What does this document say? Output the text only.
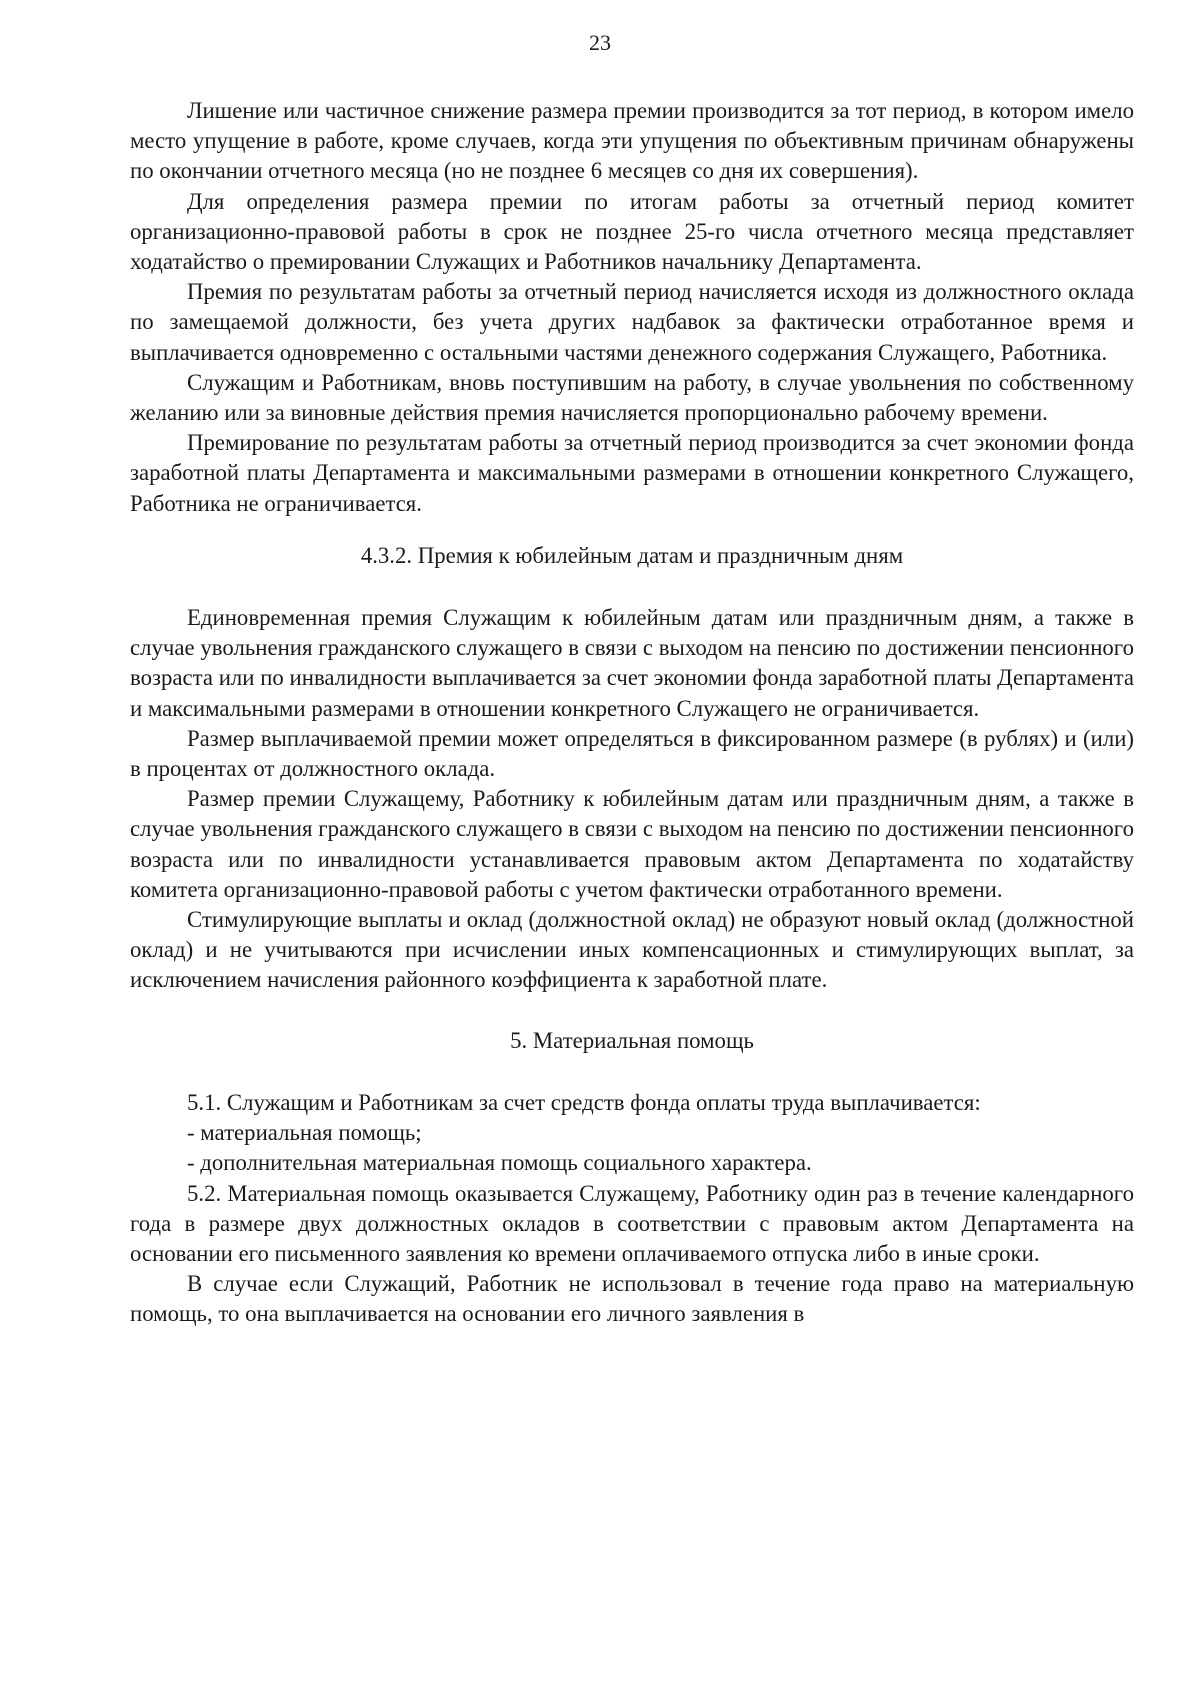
23

Лишение или частичное снижение размера премии производится за тот период, в котором имело место упущение в работе, кроме случаев, когда эти упущения по объективным причинам обнаружены по окончании отчетного месяца (но не позднее 6 месяцев со дня их совершения).

Для определения размера премии по итогам работы за отчетный период комитет организационно-правовой работы в срок не позднее 25-го числа отчетного месяца представляет ходатайство о премировании Служащих и Работников начальнику Департамента.

Премия по результатам работы за отчетный период начисляется исходя из должностного оклада по замещаемой должности, без учета других надбавок за фактически отработанное время и выплачивается одновременно с остальными частями денежного содержания Служащего, Работника.

Служащим и Работникам, вновь поступившим на работу, в случае увольнения по собственному желанию или за виновные действия премия начисляется пропорционально рабочему времени.

Премирование по результатам работы за отчетный период производится за счет экономии фонда заработной платы Департамента и максимальными размерами в отношении конкретного Служащего, Работника не ограничивается.

4.3.2. Премия к юбилейным датам и праздничным дням

Единовременная премия Служащим к юбилейным датам или праздничным дням, а также в случае увольнения гражданского служащего в связи с выходом на пенсию по достижении пенсионного возраста или по инвалидности выплачивается за счет экономии фонда заработной платы Департамента и максимальными размерами в отношении конкретного Служащего не ограничивается.

Размер выплачиваемой премии может определяться в фиксированном размере (в рублях) и (или) в процентах от должностного оклада.

Размер премии Служащему, Работнику к юбилейным датам или праздничным дням, а также в случае увольнения гражданского служащего в связи с выходом на пенсию по достижении пенсионного возраста или по инвалидности устанавливается правовым актом Департамента по ходатайству комитета организационно-правовой работы с учетом фактически отработанного времени.

Стимулирующие выплаты и оклад (должностной оклад) не образуют новый оклад (должностной оклад) и не учитываются при исчислении иных компенсационных и стимулирующих выплат, за исключением начисления районного коэффициента к заработной плате.

5. Материальная помощь

5.1. Служащим и Работникам за счет средств фонда оплаты труда выплачивается:

- материальная помощь;

- дополнительная материальная помощь социального характера.

5.2. Материальная помощь оказывается Служащему, Работнику один раз в течение календарного года в размере двух должностных окладов в соответствии с правовым актом Департамента на основании его письменного заявления ко времени оплачиваемого отпуска либо в иные сроки.

В случае если Служащий, Работник не использовал в течение года право на материальную помощь, то она выплачивается на основании его личного заявления в
